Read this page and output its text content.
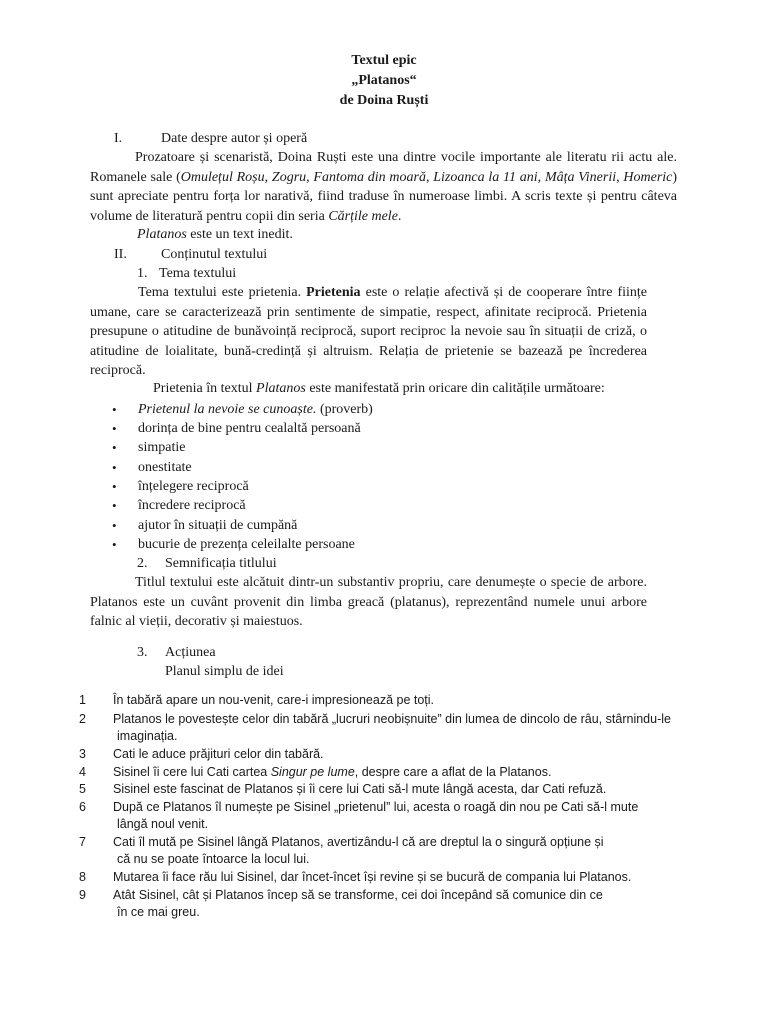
Textul epic
„Platanos“
de Doina Ruști
I.	Date despre autor și operă
Prozatoare și scenaristă, Doina Ruști este una dintre vocile importante ale literatu rii actu ale. Romanele sale (Omulețul Roșu, Zogru, Fantoma din moară, Lizoanca la 11 ani, Mâța Vinerii, Homeric) sunt apreciate pentru forța lor narativă, fiind traduse în numeroase limbi. A scris texte și pentru câteva volume de literatură pentru copii din seria Cărțile mele.
Platanos este un text inedit.
II. Conținutul textului
1. Tema textului
Tema textului este prietenia. Prietenia este o relație afectivă și de cooperare între ființe umane, care se caracterizează prin sentimente de simpatie, respect, afinitate reciprocă. Prietenia presupune o atitudine de bunăvoință reciprocă, suport reciproc la nevoie sau în situații de criză, o atitudine de loialitate, bună-credință și altruism. Relația de prietenie se bazează pe încrederea reciprocă.
Prietenia în textul Platanos este manifestată prin oricare din calitățile următoare:
• Prietenul la nevoie se cunoaște. (proverb)
• dorința de bine pentru cealaltă persoană
• simpatie
• onestitate
• înțelegere reciprocă
• încredere reciprocă
• ajutor în situații de cumpănă
• bucurie de prezența celeilalte persoane
2. Semnificația titlului
Titlul textului este alcătuit dintr-un substantiv propriu, care denumește o specie de arbore. Platanos este un cuvânt provenit din limba greacă (platanus), reprezentând numele unui arbore falnic al vieții, decorativ și maiestuos.
3. Acțiunea
Planul simplu de idei
1 În tabără apare un nou-venit, care-i impresionează pe toți.
2 Platanos le povestește celor din tabără „lucruri neobișnuite” din lumea de dincolo de râu, stârnindu-le
imaginația.
3 Cati le aduce prăjituri celor din tabără.
4 Sisinel îi cere lui Cati cartea Singur pe lume, despre care a aflat de la Platanos.
5 Sisinel este fascinat de Platanos și îi cere lui Cati să-l mute lângă acesta, dar Cati refuză.
6 După ce Platanos îl numește pe Sisinel „prietenul” lui, acesta o roagă din nou pe Cati să-l mute
lângă noul venit.
7 Cati îl mută pe Sisinel lângă Platanos, avertizându-l că are dreptul la o singură opțiune și
că nu se poate întoarce la locul lui.
8 Mutarea îi face rău lui Sisinel, dar încet-încet își revine și se bucură de compania lui Platanos.
9 Atât Sisinel, cât și Platanos încep să se transforme, cei doi începând să comunice din ce
în ce mai greu.
